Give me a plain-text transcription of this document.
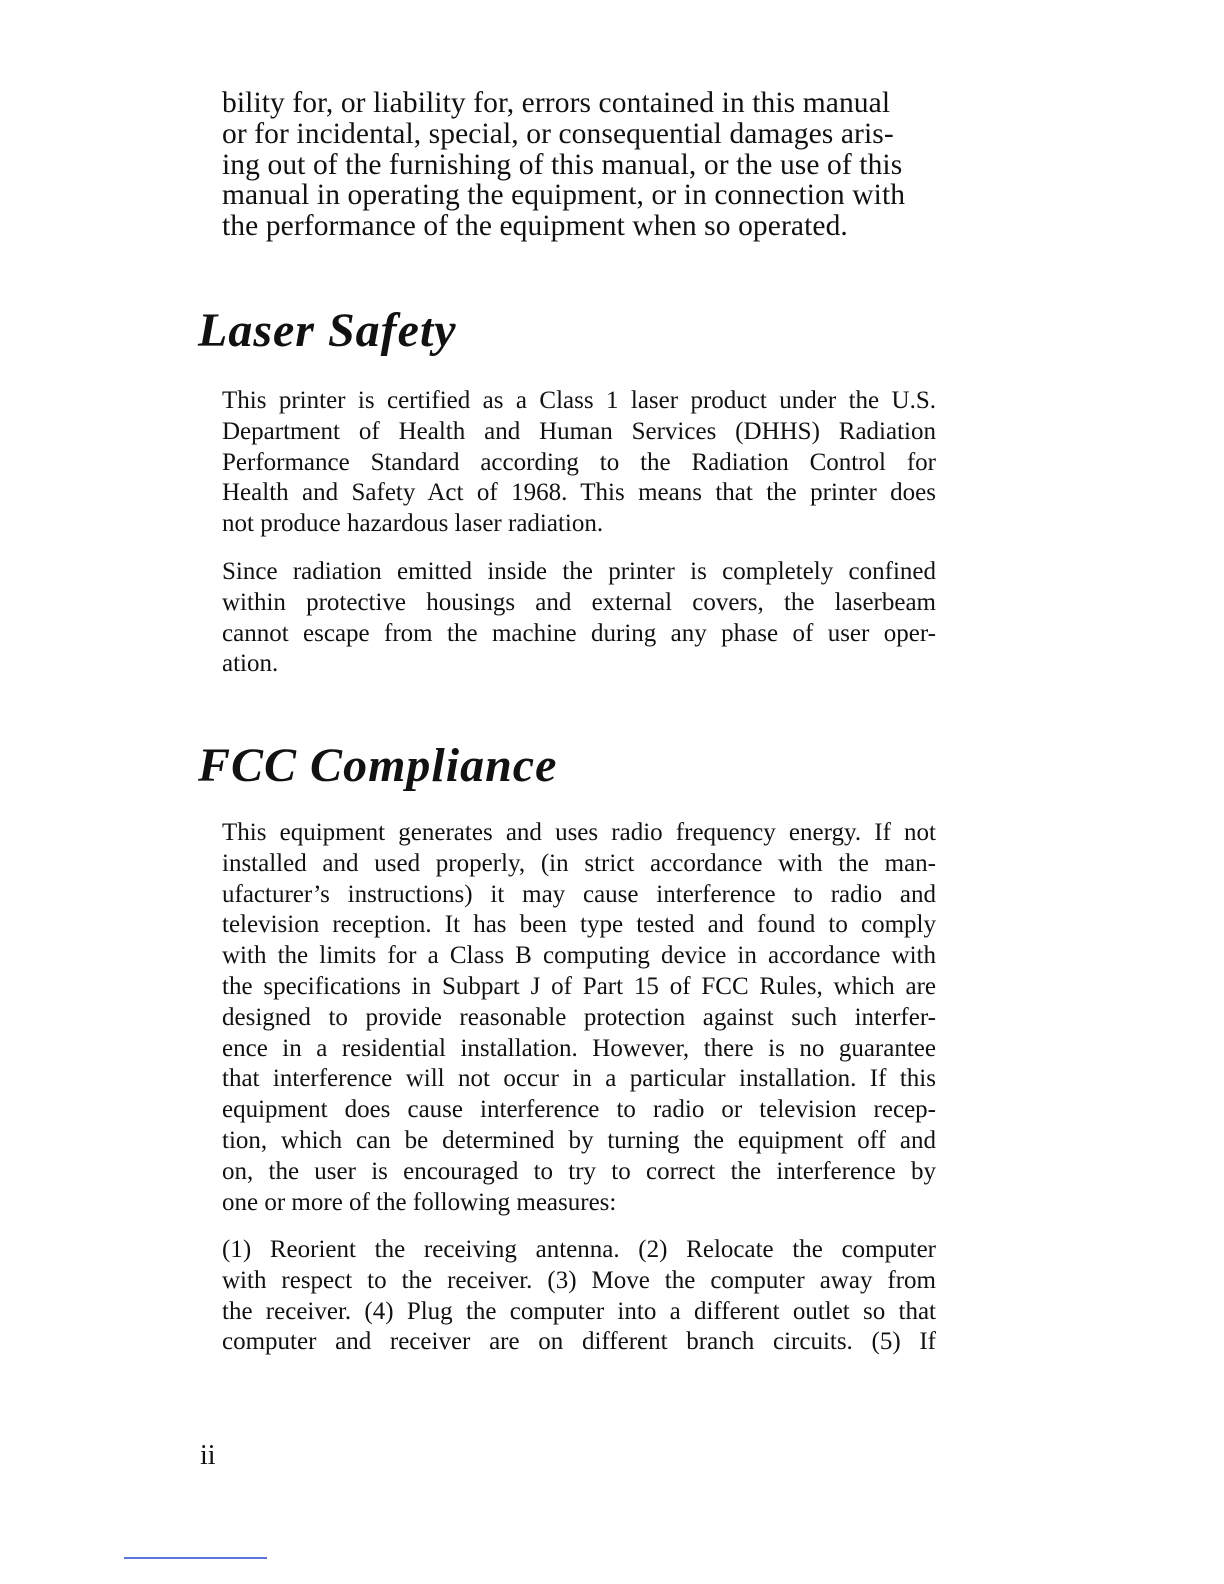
bility for, or liability for, errors contained in this manual
or for incidental, special, or consequential damages aris-
ing out of the furnishing of this manual, or the use of this
manual in operating the equipment, or in connection with
the performance of the equipment when so operated.

Laser Safety

This printer is certified as a Class 1 laser product under the U.S.
Department of Health and Human Services (DHHS) Radiation
Performance Standard according to the Radiation Control for
Health and Safety Act of 1968. This means that the printer does
not produce hazardous laser radiation.

Since radiation emitted inside the printer is completely confined
within protective housings and external covers, the laserbeam
cannot escape from the machine during any phase of user oper-
ation.

FCC Compliance

This equipment generates and uses radio frequency energy. If not
installed and used properly, (in strict accordance with the man-
ufacturer’s instructions) it may cause interference to radio and
television reception. It has been type tested and found to comply
with the limits for a Class B computing device in accordance with
the specifications in Subpart J of Part 15 of FCC Rules, which are
designed to provide reasonable protection against such interfer-
ence in a residential installation. However, there is no guarantee
that interference will not occur in a particular installation. If this
equipment does cause interference to radio or television recep-
tion, which can be determined by turning the equipment off and
on, the user is encouraged to try to correct the interference by
one or more of the following measures:

(1) Reorient the receiving antenna. (2) Relocate the computer
with respect to the receiver. (3) Move the computer away from
the receiver. (4) Plug the computer into a different outlet so that
computer and receiver are on different branch circuits. (5) If

ii
